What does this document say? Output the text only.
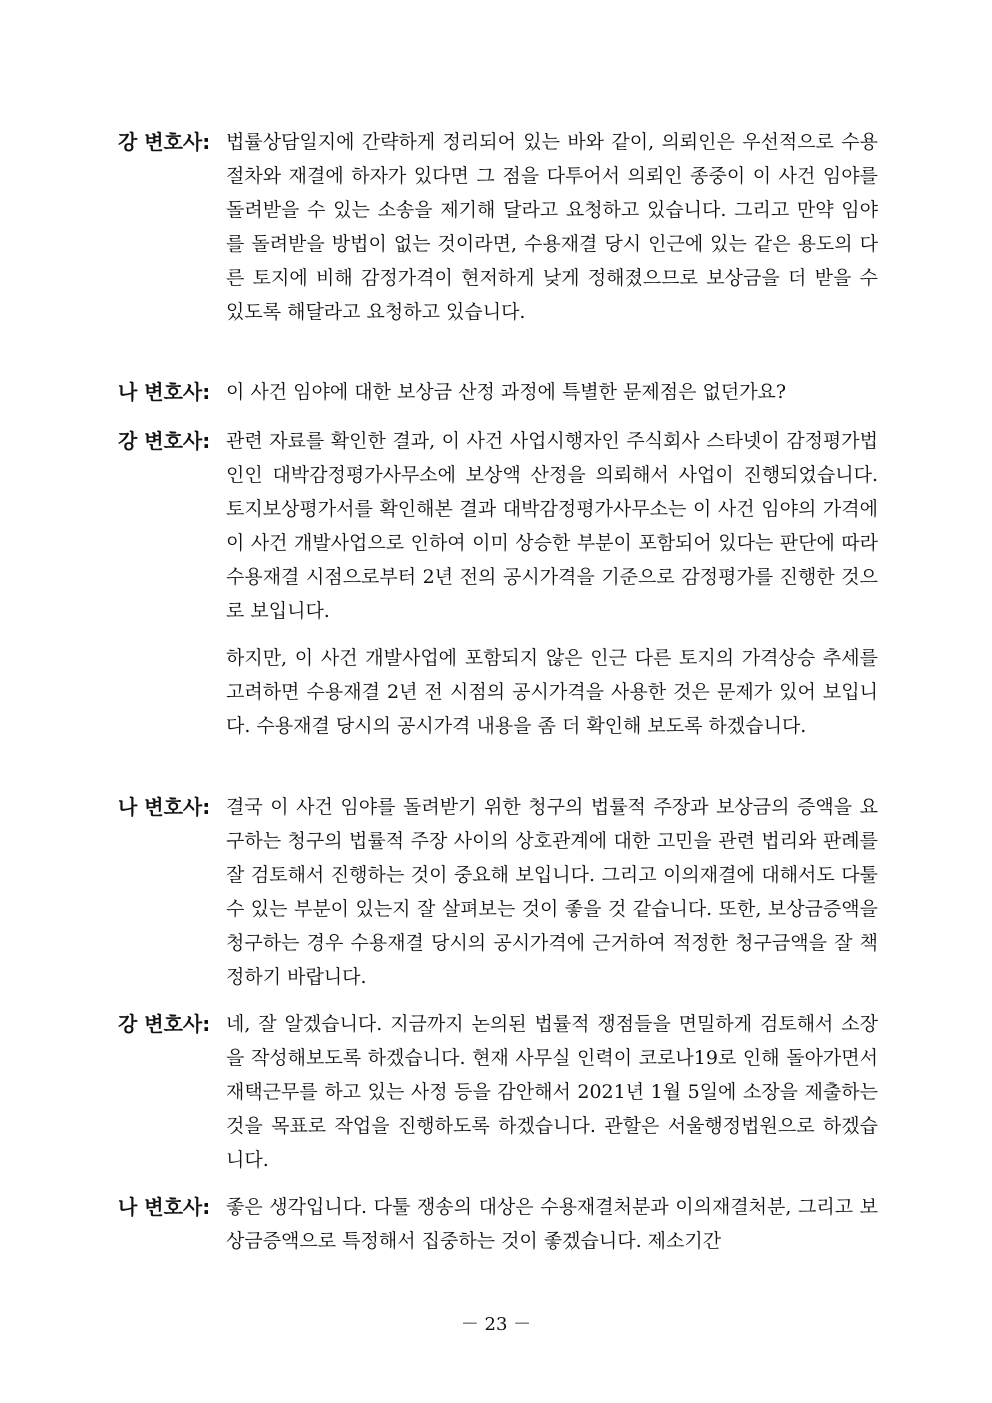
강 변호사: 법률상담일지에 간략하게 정리되어 있는 바와 같이, 의뢰인은 우선적으로 수용절차와 재결에 하자가 있다면 그 점을 다투어서 의뢰인 종중이 이 사건 임야를 돌려받을 수 있는 소송을 제기해 달라고 요청하고 있습니다. 그리고 만약 임야를 돌려받을 방법이 없는 것이라면, 수용재결 당시 인근에 있는 같은 용도의 다른 토지에 비해 감정가격이 현저하게 낮게 정해졌으므로 보상금을 더 받을 수 있도록 해달라고 요청하고 있습니다.
나 변호사: 이 사건 임야에 대한 보상금 산정 과정에 특별한 문제점은 없던가요?
강 변호사: 관련 자료를 확인한 결과, 이 사건 사업시행자인 주식회사 스타넷이 감정평가법인인 대박감정평가사무소에 보상액 산정을 의뢰해서 사업이 진행되었습니다. 토지보상평가서를 확인해본 결과 대박감정평가사무소는 이 사건 임야의 가격에 이 사건 개발사업으로 인하여 이미 상승한 부분이 포함되어 있다는 판단에 따라 수용재결 시점으로부터 2년 전의 공시가격을 기준으로 감정평가를 진행한 것으로 보입니다.
하지만, 이 사건 개발사업에 포함되지 않은 인근 다른 토지의 가격상승 추세를 고려하면 수용재결 2년 전 시점의 공시가격을 사용한 것은 문제가 있어 보입니다. 수용재결 당시의 공시가격 내용을 좀 더 확인해 보도록 하겠습니다.
나 변호사: 결국 이 사건 임야를 돌려받기 위한 청구의 법률적 주장과 보상금의 증액을 요구하는 청구의 법률적 주장 사이의 상호관계에 대한 고민을 관련 법리와 판례를 잘 검토해서 진행하는 것이 중요해 보입니다. 그리고 이의재결에 대해서도 다툴 수 있는 부분이 있는지 잘 살펴보는 것이 좋을 것 같습니다. 또한, 보상금증액을 청구하는 경우 수용재결 당시의 공시가격에 근거하여 적정한 청구금액을 잘 책정하기 바랍니다.
강 변호사: 네, 잘 알겠습니다. 지금까지 논의된 법률적 쟁점들을 면밀하게 검토해서 소장을 작성해보도록 하겠습니다. 현재 사무실 인력이 코로나19로 인해 돌아가면서 재택근무를 하고 있는 사정 등을 감안해서 2021년 1월 5일에 소장을 제출하는 것을 목표로 작업을 진행하도록 하겠습니다. 관할은 서울행정법원으로 하겠습니다.
나 변호사: 좋은 생각입니다. 다툴 쟁송의 대상은 수용재결처분과 이의재결처분, 그리고 보상금증액으로 특정해서 집중하는 것이 좋겠습니다. 제소기간
－ 23 －
